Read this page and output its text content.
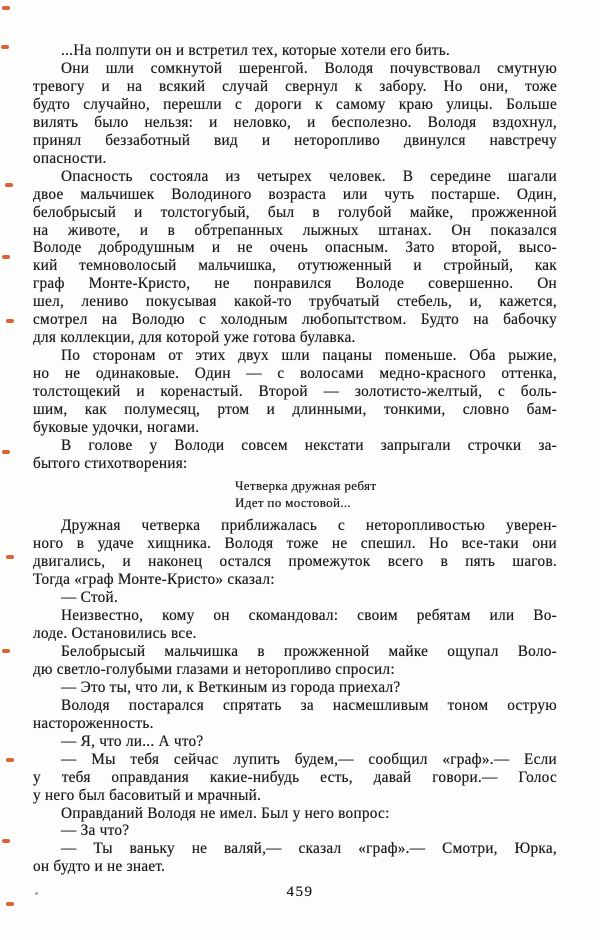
...На полпути он и встретил тех, которые хотели его бить.
Они шли сомкнутой шеренгой. Володя почувствовал смутную
тревогу и на всякий случай свернул к забору. Но они, тоже
будто случайно, перешли с дороги к самому краю улицы. Больше
вилять было нельзя: и неловко, и бесполезно. Володя вздохнул,
принял беззаботный вид и неторопливо двинулся навстречу
опасности.
Опасность состояла из четырех человек. В середине шагали
двое мальчишек Володиного возраста или чуть постарше. Один,
белобрысый и толстогубый, был в голубой майке, прожженной
на животе, и в обтрепанных лыжных штанах. Он показался
Володе добродушным и не очень опасным. Зато второй, высо-
кий темноволосый мальчишка, отутюженный и стройный, как
граф Монте-Кристо, не понравился Володе совершенно. Он
шел, лениво покусывая какой-то трубчатый стебель, и, кажется,
смотрел на Володю с холодным любопытством. Будто на бабочку
для коллекции, для которой уже готова булавка.
По сторонам от этих двух шли пацаны поменьше. Оба рыжие,
но не одинаковые. Один — с волосами медно-красного оттенка,
толстощекий и коренастый. Второй — золотисто-желтый, с боль-
шим, как полумесяц, ртом и длинными, тонкими, словно бам-
буковые удочки, ногами.
В голове у Володи совсем некстати запрыгали строчки за-
бытого стихотворения:
Четверка дружная ребят
Идет по мостовой...
Дружная четверка приближалась с неторопливостью уверен-
ного в удаче хищника. Володя тоже не спешил. Но все-таки они
двигались, и наконец остался промежуток всего в пять шагов.
Тогда «граф Монте-Кристо» сказал:
— Стой.
Неизвестно, кому он скомандовал: своим ребятам или Во-
лоде. Остановились все.
Белобрысый мальчишка в прожженной майке ощупал Воло-
дю светло-голубыми глазами и неторопливо спросил:
— Это ты, что ли, к Веткиным из города приехал?
Володя постарался спрятать за насмешливым тоном острую
настороженность.
— Я, что ли... А что?
— Мы тебя сейчас лупить будем,— сообщил «граф».— Если
у тебя оправдания какие-нибудь есть, давай говори.— Голос
у него был басовитый и мрачный.
Оправданий Володя не имел. Был у него вопрос:
— За что?
— Ты ваньку не валяй,— сказал «граф».— Смотри, Юрка,
он будто и не знает.
459
